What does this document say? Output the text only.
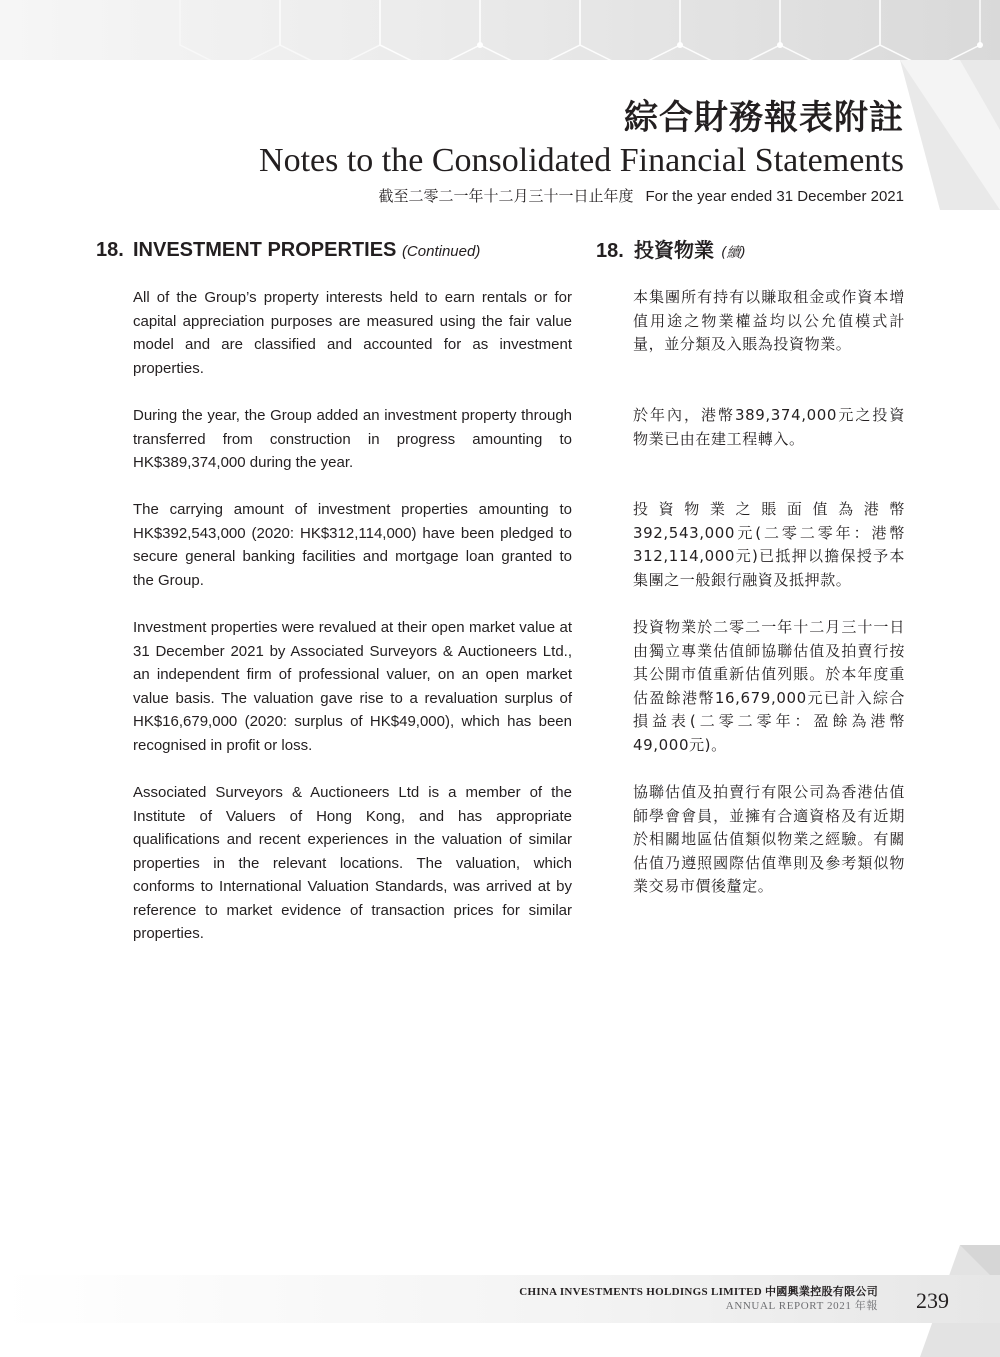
綜合財務報表附註
Notes to the Consolidated Financial Statements
截至二零二一年十二月三十一日止年度 For the year ended 31 December 2021
18. INVESTMENT PROPERTIES (Continued)	18. 投資物業 (續)

All of the Group’s property interests held to earn rentals or for capital appreciation purposes are measured using the fair value model and are classified and accounted for as investment properties.

During the year, the Group added an investment property through transferred from construction in progress amounting to HK$389,374,000 during the year.

The carrying amount of investment properties amounting to HK$392,543,000 (2020: HK$312,114,000) have been pledged to secure general banking facilities and mortgage loan granted to the Group.

Investment properties were revalued at their open market value at 31 December 2021 by Associated Surveyors & Auctioneers Ltd., an independent firm of professional valuer, on an open market value basis. The valuation gave rise to a revaluation surplus of HK$16,679,000 (2020: surplus of HK$49,000), which has been recognised in profit or loss.

Associated Surveyors & Auctioneers Ltd is a member of the Institute of Valuers of Hong Kong, and has appropriate qualifications and recent experiences in the valuation of similar properties in the relevant locations. The valuation, which conforms to International Valuation Standards, was arrived at by reference to market evidence of transaction prices for similar properties.

本集團所有持有以賺取租金或作資本增值用途之物業權益均以公允值模式計量，並分類及入賬為投資物業。

於年內，港幣389,374,000元之投資物業已由在建工程轉入。

投資物業之賬面值為港幣392,543,000元(二零二零年：港幣312,114,000元)已抵押以擔保授予本集團之一般銀行融資及抵押款。

投資物業於二零二一年十二月三十一日由獨立專業估值師協聯估值及拍賣行按其公開市值重新估值列賬。於本年度重估盈餘港幣16,679,000元已計入綜合損益表(二零二零年：盈餘為港幣49,000元)。

協聯估值及拍賣行有限公司為香港估值師學會會員，並擁有合適資格及有近期於相關地區估值類似物業之經驗。有關估值乃遵照國際估值準則及參考類似物業交易市價後釐定。

CHINA INVESTMENTS HOLDINGS LIMITED 中國興業控股有限公司
ANNUAL REPORT 2021 年報 239
